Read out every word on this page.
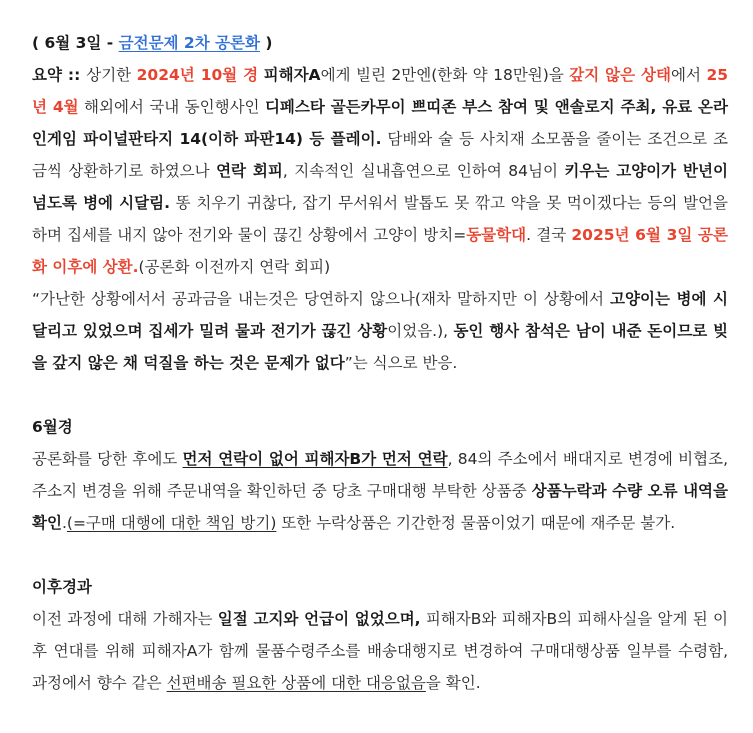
( 6월 3일 - 금전문제 2차 공론화 )

요약 :: 상기한 2024년 10월 경 피해자A에게 빌린 2만엔(한화 약 18만원)을 갚지 않은 상태에서 25년 4월 해외에서 국내 동인행사인 디페스타 골든카무이 쁘띠존 부스 참여 및 앤솔로지 주최, 유료 온라인게임 파이널판타지 14(이하 파판14) 등 플레이. 담배와 술 등 사치재 소모품을 줄이는 조건으로 조금씩 상환하기로 하였으나 연락 회피, 지속적인 실내흡연으로 인하여 84님이 키우는 고양이가 반년이 넘도록 병에 시달림. 똥 치우기 귀찮다, 잡기 무서워서 발톱도 못 깎고 약을 못 먹이겠다는 등의 발언을 하며 집세를 내지 않아 전기와 물이 끊긴 상황에서 고양이 방치=동물학대. 결국 2025년 6월 3일 공론화 이후에 상환.(공론화 이전까지 연락 회피)

“가난한 상황에서서 공과금을 내는것은 당연하지 않으나(재차 말하지만 이 상황에서 고양이는 병에 시달리고 있었으며 집세가 밀려 물과 전기가 끊긴 상황이었음.), 동인 행사 참석은 남이 내준 돈이므로 빚을 갚지 않은 채 덕질을 하는 것은 문제가 없다”는 식으로 반응.

6월경

공론화를 당한 후에도 먼저 연락이 없어 피해자B가 먼저 연락, 84의 주소에서 배대지로 변경에 비협조, 주소지 변경을 위해 주문내역을 확인하던 중 당초 구매대행 부탁한 상품중 상품누락과 수량 오류 내역을 확인.(=구매 대행에 대한 책임 방기) 또한 누락상품은 기간한정 물품이었기 때문에 재주문 불가.

이후경과

이전 과정에 대해 가해자는 일절 고지와 언급이 없었으며, 피해자B와 피해자B의 피해사실을 알게 된 이후 연대를 위해 피해자A가 함께 물품수령주소를 배송대행지로 변경하여 구매대행상품 일부를 수령함, 과정에서 향수 같은 선편배송 필요한 상품에 대한 대응없음을 확인.
